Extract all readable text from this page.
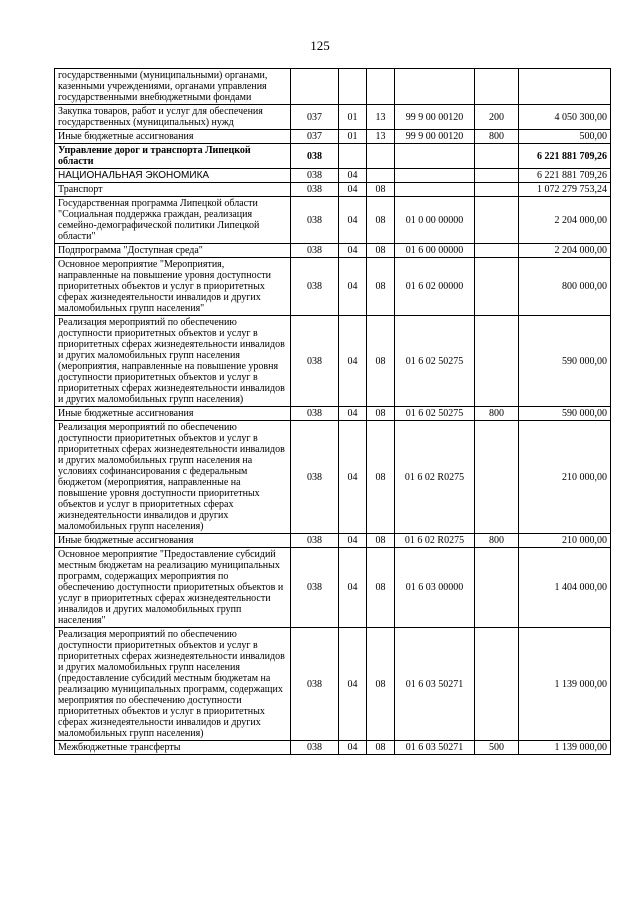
125
государственными (муниципальными) органами, казенными учреждениями, органами управления государственными внебюджетными фондами						
Закупка товаров, работ и услуг для обеспечения государственных (муниципальных) нужд	037	01	13	99 9 00 00120	200	4 050 300,00
Иные бюджетные ассигнования	037	01	13	99 9 00 00120	800	500,00
Управление дорог и транспорта Липецкой области	038					6 221 881 709,26
НАЦИОНАЛЬНАЯ ЭКОНОМИКА	038	04				6 221 881 709,26
Транспорт	038	04	08			1 072 279 753,24
Государственная программа Липецкой области "Социальная поддержка граждан, реализация семейно-демографической политики Липецкой области"	038	04	08	01 0 00 00000		2 204 000,00
Подпрограмма "Доступная среда"	038	04	08	01 6 00 00000		2 204 000,00
Основное мероприятие "Мероприятия, направленные на повышение уровня доступности приоритетных объектов и услуг в приоритетных сферах жизнедеятельности инвалидов и других маломобильных групп населения"	038	04	08	01 6 02 00000		800 000,00
Реализация мероприятий по обеспечению доступности приоритетных объектов и услуг в приоритетных сферах жизнедеятельности инвалидов и других маломобильных групп населения (мероприятия, направленные на повышение уровня доступности приоритетных объектов и услуг в приоритетных сферах жизнедеятельности инвалидов и других маломобильных групп населения)	038	04	08	01 6 02 50275		590 000,00
Иные бюджетные ассигнования	038	04	08	01 6 02 50275	800	590 000,00
Реализация мероприятий по обеспечению доступности приоритетных объектов и услуг в приоритетных сферах жизнедеятельности инвалидов и других маломобильных групп населения на условиях софинансирования с федеральным бюджетом (мероприятия, направленные на повышение уровня доступности приоритетных объектов и услуг в приоритетных сферах жизнедеятельности инвалидов и других маломобильных групп населения)	038	04	08	01 6 02 R0275		210 000,00
Иные бюджетные ассигнования	038	04	08	01 6 02 R0275	800	210 000,00
Основное мероприятие "Предоставление субсидий местным бюджетам на реализацию муниципальных программ, содержащих мероприятия по обеспечению доступности приоритетных объектов и услуг в приоритетных сферах жизнедеятельности инвалидов и других маломобильных групп населения"	038	04	08	01 6 03 00000		1 404 000,00
Реализация мероприятий по обеспечению доступности приоритетных объектов и услуг в приоритетных сферах жизнедеятельности инвалидов и других маломобильных групп населения (предоставление субсидий местным бюджетам на реализацию муниципальных программ, содержащих мероприятия по обеспечению доступности приоритетных объектов и услуг в приоритетных сферах жизнедеятельности инвалидов и других маломобильных групп населения)	038	04	08	01 6 03 50271		1 139 000,00
Межбюджетные трансферты	038	04	08	01 6 03 50271	500	1 139 000,00
